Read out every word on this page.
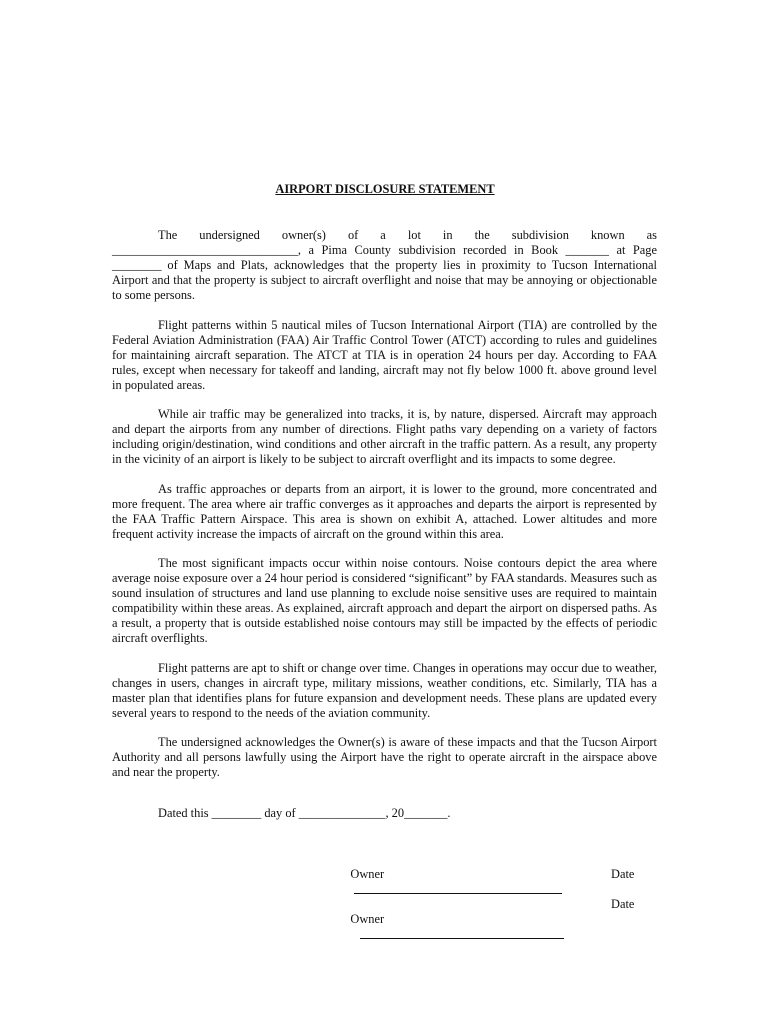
AIRPORT DISCLOSURE STATEMENT

The undersigned owner(s) of a lot in the subdivision known as ______________________________, a Pima County subdivision recorded in Book _______ at Page ________ of Maps and Plats, acknowledges that the property lies in proximity to Tucson International Airport and that the property is subject to aircraft overflight and noise that may be annoying or objectionable to some persons.

Flight patterns within 5 nautical miles of Tucson International Airport (TIA) are controlled by the Federal Aviation Administration (FAA) Air Traffic Control Tower (ATCT) according to rules and guidelines for maintaining aircraft separation. The ATCT at TIA is in operation 24 hours per day. According to FAA rules, except when necessary for takeoff and landing, aircraft may not fly below 1000 ft. above ground level in populated areas.

While air traffic may be generalized into tracks, it is, by nature, dispersed. Aircraft may approach and depart the airports from any number of directions. Flight paths vary depending on a variety of factors including origin/destination, wind conditions and other aircraft in the traffic pattern. As a result, any property in the vicinity of an airport is likely to be subject to aircraft overflight and its impacts to some degree.

As traffic approaches or departs from an airport, it is lower to the ground, more concentrated and more frequent. The area where air traffic converges as it approaches and departs the airport is represented by the FAA Traffic Pattern Airspace. This area is shown on exhibit A, attached. Lower altitudes and more frequent activity increase the impacts of aircraft on the ground within this area.

The most significant impacts occur within noise contours. Noise contours depict the area where average noise exposure over a 24 hour period is considered “significant” by FAA standards. Measures such as sound insulation of structures and land use planning to exclude noise sensitive uses are required to maintain compatibility within these areas. As explained, aircraft approach and depart the airport on dispersed paths. As a result, a property that is outside established noise contours may still be impacted by the effects of periodic aircraft overflights.

Flight patterns are apt to shift or change over time. Changes in operations may occur due to weather, changes in users, changes in aircraft type, military missions, weather conditions, etc. Similarly, TIA has a master plan that identifies plans for future expansion and development needs. These plans are updated every several years to respond to the needs of the aviation community.

The undersigned acknowledges the Owner(s) is aware of these impacts and that the Tucson Airport Authority and all persons lawfully using the Airport have the right to operate aircraft in the airspace above and near the property.

Dated this ________ day of ______________, 20_______.

Owner

	Date

Owner

Date
